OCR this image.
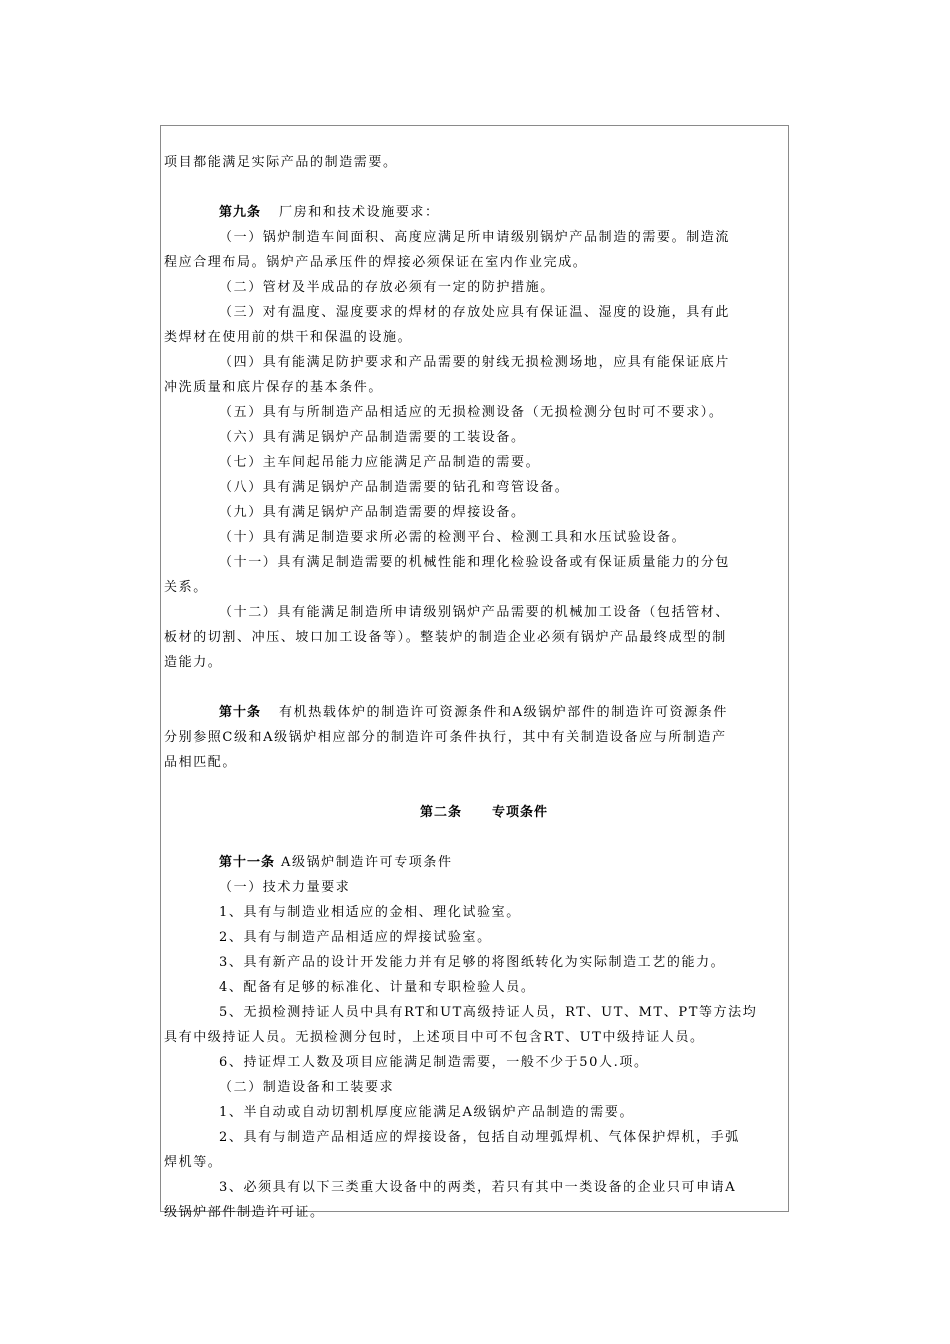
项目都能满足实际产品的制造需要。
第九条 厂房和和技术设施要求：
（一）锅炉制造车间面积、高度应满足所申请级别锅炉产品制造的需要。制造流
程应合理布局。锅炉产品承压件的焊接必须保证在室内作业完成。
（二）管材及半成品的存放必须有一定的防护措施。
（三）对有温度、湿度要求的焊材的存放处应具有保证温、湿度的设施，具有此
类焊材在使用前的烘干和保温的设施。
（四）具有能满足防护要求和产品需要的射线无损检测场地，应具有能保证底片
冲洗质量和底片保存的基本条件。
（五）具有与所制造产品相适应的无损检测设备（无损检测分包时可不要求）。
（六）具有满足锅炉产品制造需要的工装设备。
（七）主车间起吊能力应能满足产品制造的需要。
（八）具有满足锅炉产品制造需要的钻孔和弯管设备。
（九）具有满足锅炉产品制造需要的焊接设备。
（十）具有满足制造要求所必需的检测平台、检测工具和水压试验设备。
（十一）具有满足制造需要的机械性能和理化检验设备或有保证质量能力的分包
关系。
（十二）具有能满足制造所申请级别锅炉产品需要的机械加工设备（包括管材、
板材的切割、冲压、坡口加工设备等）。整装炉的制造企业必须有锅炉产品最终成型的制
造能力。
第十条 有机热载体炉的制造许可资源条件和A级锅炉部件的制造许可资源条件
分别参照C级和A级锅炉相应部分的制造许可条件执行，其中有关制造设备应与所制造产
品相匹配。
第二条 专项条件
第十一条 A级锅炉制造许可专项条件
（一）技术力量要求
1、具有与制造业相适应的金相、理化试验室。
2、具有与制造产品相适应的焊接试验室。
3、具有新产品的设计开发能力并有足够的将图纸转化为实际制造工艺的能力。
4、配备有足够的标准化、计量和专职检验人员。
5、无损检测持证人员中具有RT和UT高级持证人员，RT、UT、MT、PT等方法均
具有中级持证人员。无损检测分包时，上述项目中可不包含RT、UT中级持证人员。
6、持证焊工人数及项目应能满足制造需要，一般不少于50人.项。
（二）制造设备和工装要求
1、半自动或自动切割机厚度应能满足A级锅炉产品制造的需要。
2、具有与制造产品相适应的焊接设备，包括自动埋弧焊机、气体保护焊机，手弧
焊机等。
3、必须具有以下三类重大设备中的两类，若只有其中一类设备的企业只可申请A
级锅炉部件制造许可证。
